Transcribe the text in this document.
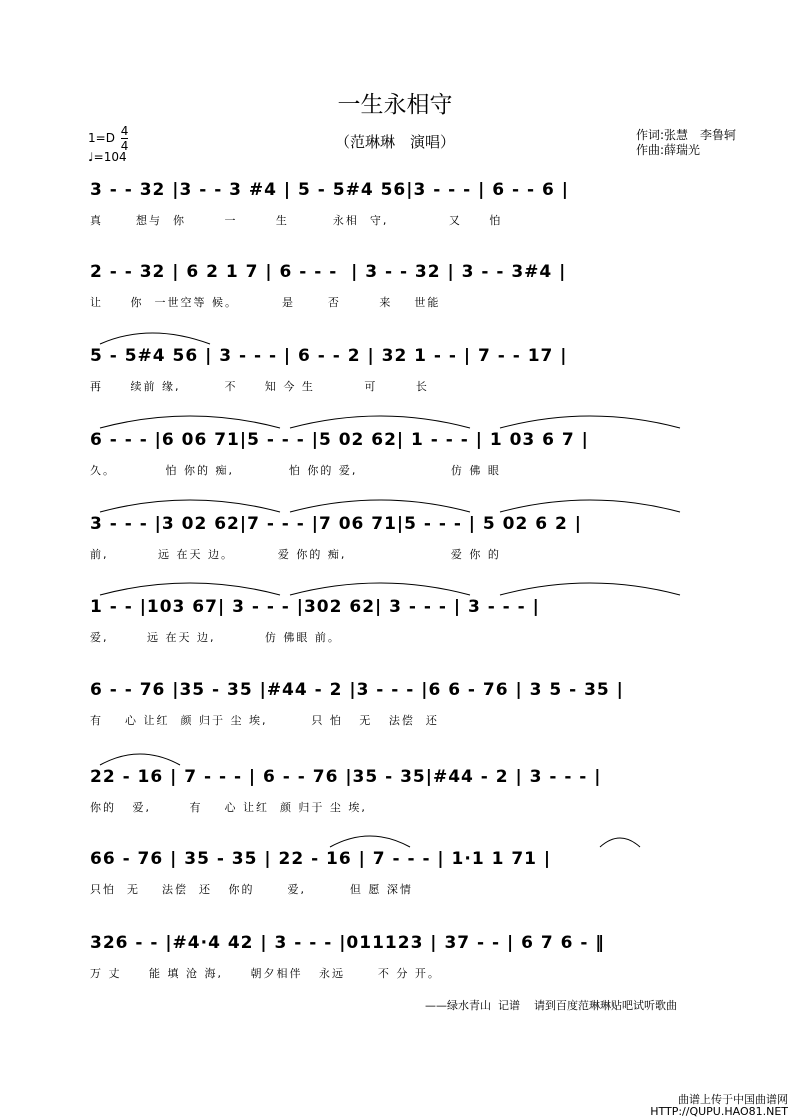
一生永相守
（范琳琳　演唱）
$1=D \frac{4}{4}$
♩=104
作词:张慧　李鲁轲
作曲:薛瑞光
3 - - 32 |3 - - 3 #4 | 5 - 5#4 56|3 - - - | 6 - - 6 |
真      想与  你       一       生        永相  守,           又     怕
2 - - 32 | 6 2 1 7 | 6 - - -  | 3 - - 32 | 3 - - 3#4 |
让     你  一世空等 候。        是      否       来    世能
5 - 5#4 56 | 3 - - - | 6 - - 2 | 32 1 - - | 7 - - 17 |
再     续前 缘,        不     知 今 生         可       长
6 - - - |6 06 71|5 - - - |5 02 62| 1 - - - | 1 03 6 7 |
久。         怕 你的 痴,          怕 你的 爱,                 仿 佛 眼
3 - - - |3 02 62|7 - - - |7 06 71|5 - - - | 5 02 6 2 |
前,         远 在天 边。        爱 你的 痴,                   爱 你 的
1 - - |103 67| 3 - - - |302 62| 3 - - - | 3 - - - |
爱,       远 在天 边,         仿 佛眼 前。
6 - - 76 |35 - 35 |#44 - 2 |3 - - - |6 6 - 76 | 3 5 - 35 |
有    心 让红  颜 归于 尘 埃,        只 怕   无   法偿  还
22 - 16 | 7 - - - | 6 - - 76 |35 - 35|#44 - 2 | 3 - - - |
你的   爱,       有    心 让红  颜 归于 尘 埃,
66 - 76 | 35 - 35 | 22 - 16 | 7 - - - | 1·1 1 71 |
只怕  无    法偿  还   你的      爱,        但 愿 深情
326 - - |#4·4 42 | 3 - - - |011123 | 37 - - | 6 7 6 - ‖
万 丈     能 填 沧 海,     朝夕相伴   永远      不 分 开。
——绿水青山  记谱    请到百度范琳琳贴吧试听歌曲
曲谱上传于中国曲谱网
HTTP://QUPU.HAO81.NET
